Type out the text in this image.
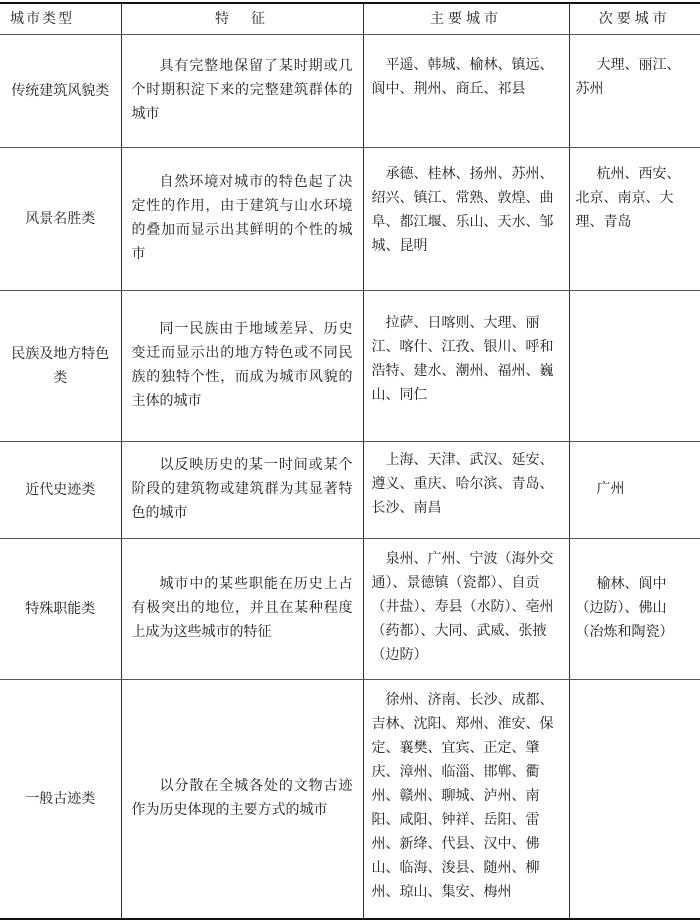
城市类型	特　征	主要城市	次要城市
传统建筑风貌类	具有完整地保留了某时期或几个时期积淀下来的完整建筑群体的城市	平遥、韩城、榆林、镇远、阆中、荆州、商丘、祁县	大理、丽江、苏州

风景名胜类	自然环境对城市的特色起了决定性的作用，由于建筑与山水环境的叠加而显示出其鲜明的个性的城市	承德、桂林、扬州、苏州、绍兴、镇江、常熟、敦煌、曲阜、都江堰、乐山、天水、邹城、昆明	杭州、西安、北京、南京、大理、青岛

民族及地方特色类	同一民族由于地域差异、历史变迁而显示出的地方特色或不同民族的独特个性，而成为城市风貌的主体的城市	拉萨、日喀则、大理、丽江、喀什、江孜、银川、呼和浩特、建水、潮州、福州、巍山、同仁	

近代史迹类	以反映历史的某一时间或某个阶段的建筑物或建筑群为其显著特色的城市	上海、天津、武汉、延安、遵义、重庆、哈尔滨、青岛、长沙、南昌	广州

特殊职能类	城市中的某些职能在历史上占有极突出的地位，并且在某种程度上成为这些城市的特征	泉州、广州、宁波（海外交通）、景德镇（瓷都）、自贡（井盐）、寿县（水防）、亳州（药都）、大同、武威、张掖（边防）	榆林、阆中（边防）、佛山（冶炼和陶瓷）

一般古迹类	以分散在全城各处的文物古迹作为历史体现的主要方式的城市	徐州、济南、长沙、成都、吉林、沈阳、郑州、淮安、保定、襄樊、宜宾、正定、肇庆、漳州、临淄、邯郸、衢州、赣州、聊城、泸州、南阳、咸阳、钟祥、岳阳、雷州、新绛、代县、汉中、佛山、临海、浚县、随州、柳州、琼山、集安、梅州	
